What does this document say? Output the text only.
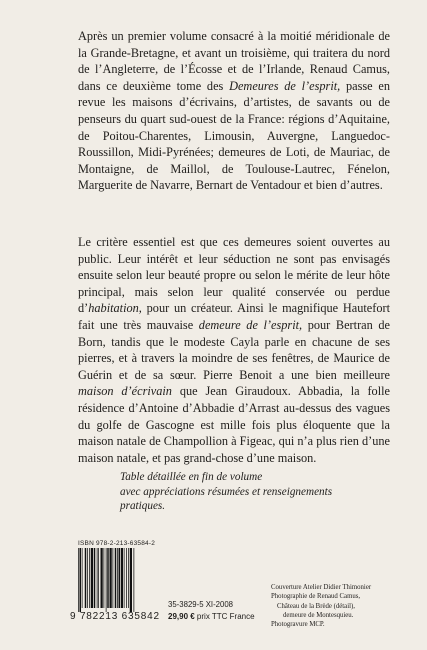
Après un premier volume consacré à la moitié méridionale de la Grande-Bretagne, et avant un troisième, qui traitera du nord de l’Angleterre, de l’Écosse et de l’Irlande, Renaud Camus, dans ce deuxième tome des Demeures de l’esprit, passe en revue les maisons d’écrivains, d’artistes, de savants ou de penseurs du quart sud-ouest de la France: régions d’Aquitaine, de Poitou-Charentes, Limousin, Auvergne, Languedoc-Roussillon, Midi-Pyrénées; demeures de Loti, de Mauriac, de Montaigne, de Maillol, de Toulouse-Lautrec, Fénelon, Marguerite de Navarre, Bernart de Ventadour et bien d’autres.

Le critère essentiel est que ces demeures soient ouvertes au public. Leur intérêt et leur séduction ne sont pas envisagés ensuite selon leur beauté propre ou selon le mérite de leur hôte principal, mais selon leur qualité conservée ou perdue d’habitation, pour un créateur. Ainsi le magnifique Hautefort fait une très mauvaise demeure de l’esprit, pour Bertran de Born, tandis que le modeste Cayla parle en chacune de ses pierres, et à travers la moindre de ses fenêtres, de Maurice de Guérin et de sa sœur. Pierre Benoit a une bien meilleure maison d’écrivain que Jean Giraudoux. Abbadia, la folle résidence d’Antoine d’Abbadie d’Arrast au-dessus des vagues du golfe de Gascogne est mille fois plus éloquente que la maison natale de Champollion à Figeac, qui n’a plus rien d’une maison natale, et pas grand-chose d’une maison.

Table détaillée en fin de volume
avec appréciations résumées et renseignements pratiques.
ISBN 978-2-213-63584-2
9 782213 635842
35-3829-5 XI-2008
29,90 € prix TTC France
Couverture Atelier Didier Thimonier
Photographie de Renaud Camus,
Château de la Brède (détail),
demeure de Montesquieu.
Photogravure MCP.
